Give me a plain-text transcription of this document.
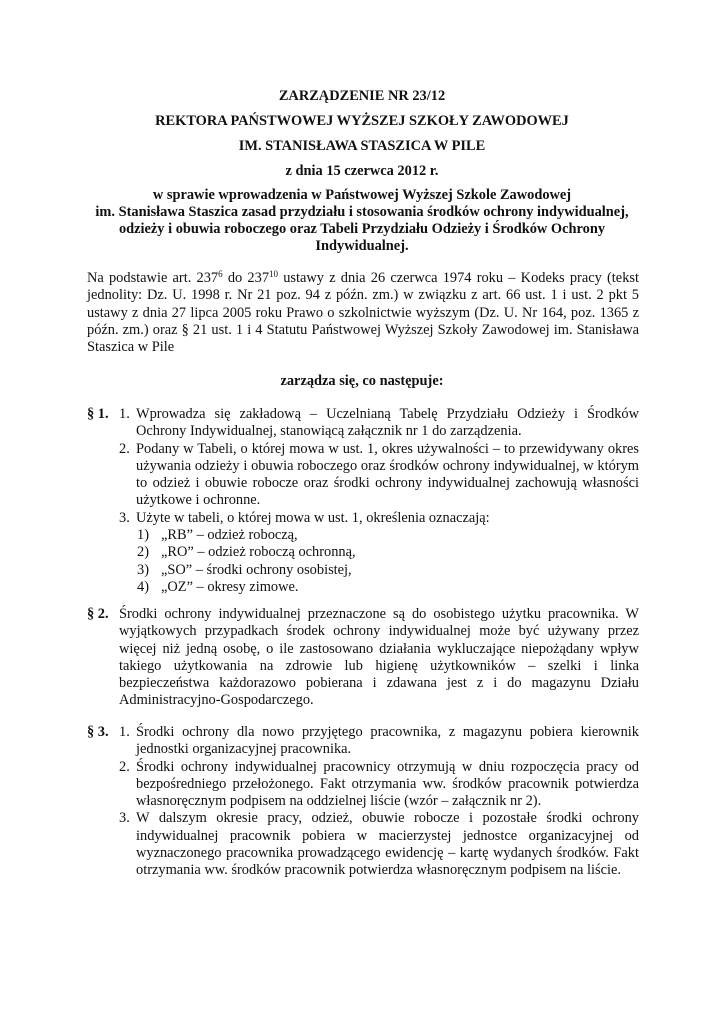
ZARZĄDZENIE NR 23/12
REKTORA PAŃSTWOWEJ WYŻSZEJ SZKOŁY ZAWODOWEJ
IM. STANISŁAWA STASZICA W PILE
z dnia 15 czerwca 2012 r.
w sprawie wprowadzenia w Państwowej Wyższej Szkole Zawodowej
im. Stanisława Staszica zasad przydziału i stosowania środków ochrony indywidualnej,
odzieży i obuwia roboczego oraz Tabeli Przydziału Odzieży i Środków Ochrony
Indywidualnej.
Na podstawie art. $237^6$ do $237^{10}$ ustawy z dnia 26 czerwca 1974 roku – Kodeks pracy (tekst jednolity: Dz. U. 1998 r. Nr 21 poz. 94 z późn. zm.) w związku z art. 66 ust. 1 i ust. 2 pkt 5 ustawy z dnia 27 lipca 2005 roku Prawo o szkolnictwie wyższym (Dz. U. Nr 164, poz. 1365 z późn. zm.) oraz § 21 ust. 1 i 4 Statutu Państwowej Wyższej Szkoły Zawodowej im. Stanisława Staszica w Pile
zarządza się, co następuje:
§ 1. 1. Wprowadza się zakładową – Uczelnianą Tabelę Przydziału Odzieży i Środków Ochrony Indywidualnej, stanowiącą załącznik nr 1 do zarządzenia.
2. Podany w Tabeli, o której mowa w ust. 1, okres używalności – to przewidywany okres używania odzieży i obuwia roboczego oraz środków ochrony indywidualnej, w którym to odzież i obuwie robocze oraz środki ochrony indywidualnej zachowują własności użytkowe i ochronne.
3. Użyte w tabeli, o której mowa w ust. 1, określenia oznaczają:
1) „RB” – odzież roboczą,
2) „RO” – odzież roboczą ochronną,
3) „SO” – środki ochrony osobistej,
4) „OZ” – okresy zimowe.
§ 2. Środki ochrony indywidualnej przeznaczone są do osobistego użytku pracownika. W wyjątkowych przypadkach środek ochrony indywidualnej może być używany przez więcej niż jedną osobę, o ile zastosowano działania wykluczające niepożądany wpływ takiego użytkowania na zdrowie lub higienę użytkowników – szelki i linka bezpieczeństwa każdorazowo pobierana i zdawana jest z i do magazynu Działu Administracyjno-Gospodarczego.
§ 3. 1. Środki ochrony dla nowo przyjętego pracownika, z magazynu pobiera kierownik jednostki organizacyjnej pracownika.
2. Środki ochrony indywidualnej pracownicy otrzymują w dniu rozpoczęcia pracy od bezpośredniego przełożonego. Fakt otrzymania ww. środków pracownik potwierdza własnoręcznym podpisem na oddzielnej liście (wzór – załącznik nr 2).
3. W dalszym okresie pracy, odzież, obuwie robocze i pozostałe środki ochrony indywidualnej pracownik pobiera w macierzystej jednostce organizacyjnej od wyznaczonego pracownika prowadzącego ewidencję – kartę wydanych środków. Fakt otrzymania ww. środków pracownik potwierdza własnoręcznym podpisem na liście.
